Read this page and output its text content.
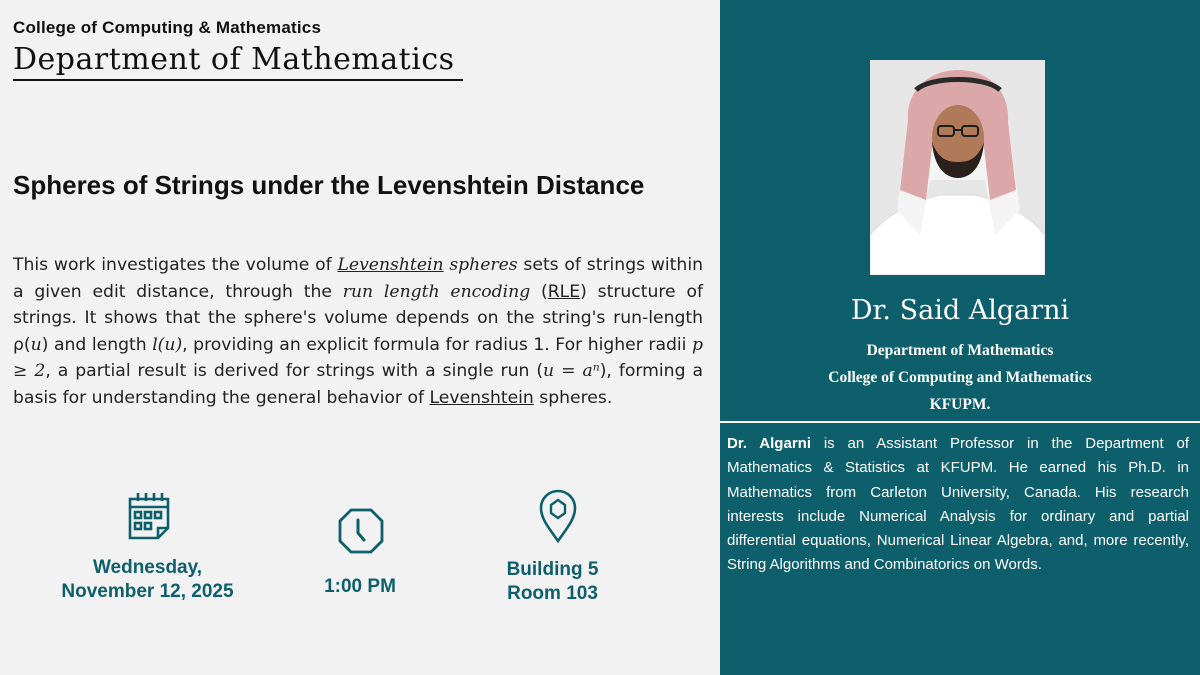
College of Computing & Mathematics
Department of Mathematics
Spheres of Strings under the Levenshtein Distance
This work investigates the volume of Levenshtein spheres sets of strings within a given edit distance, through the run length encoding (RLE) structure of strings. It shows that the sphere's volume depends on the string's run-length ρ(u) and length l(u), providing an explicit formula for radius 1. For higher radii p ≥ 2, a partial result is derived for strings with a single run (u = aⁿ), forming a basis for understanding the general behavior of Levenshtein spheres.
Wednesday,
November 12, 2025	1:00 PM
Building 5
Room 103
Dr. Said Algarni
Department of Mathematics
College of Computing and Mathematics
KFUPM.
Dr. Algarni is an Assistant Professor in the Department of Mathematics & Statistics at KFUPM. He earned his Ph.D. in Mathematics from Carleton University, Canada. His research interests include Numerical Analysis for ordinary and partial differential equations, Numerical Linear Algebra, and, more recently, String Algorithms and Combinatorics on Words.
